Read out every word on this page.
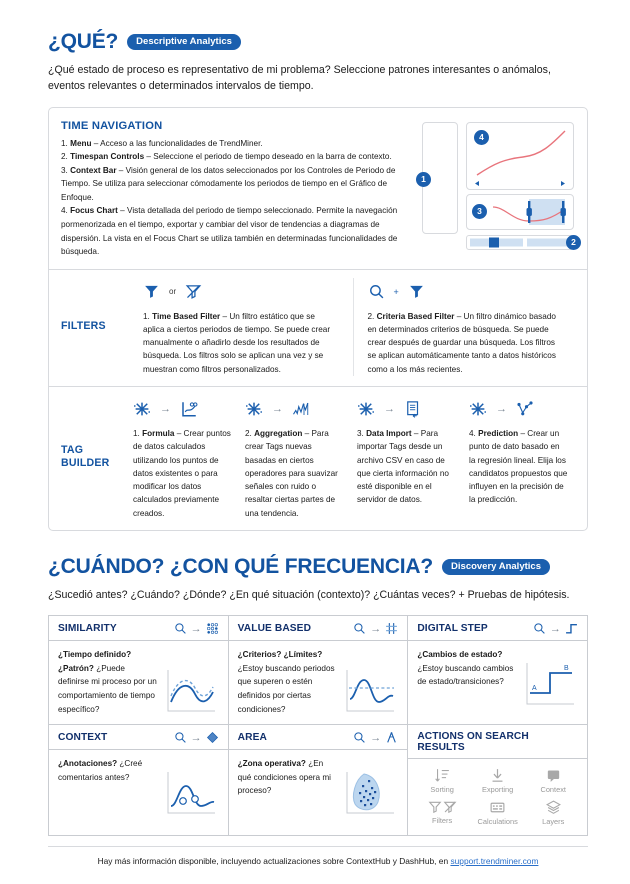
¿QUÉ?	Descriptive Analytics
¿Qué estado de proceso es representativo de mi problema? Seleccione patrones interesantes o anómalos, eventos relevantes o determinados intervalos de tiempo.
TIME NAVIGATION
1. Menu – Acceso a las funcionalidades de TrendMiner.
2. Timespan Controls – Seleccione el periodo de tiempo deseado en la barra de contexto.
3. Context Bar – Visión general de los datos seleccionados por los Controles de Periodo de Tiempo. Se utiliza para seleccionar cómodamente los periodos de tiempo en el Gráfico de Enfoque.
4. Focus Chart – Vista detallada del periodo de tiempo seleccionado. Permite la navegación pormenorizada en el tiempo, exportar y cambiar del visor de tendencias a diagramas de dispersión. La vista en el Focus Chart se utiliza también en determinadas funcionalidades de búsqueda.
1
4
3
2
FILTERS
or
1. Time Based Filter – Un filtro estático que se aplica a ciertos periodos de tiempo. Se puede crear manualmente o añadirlo desde los resultados de búsqueda. Los filtros solo se aplican una vez y se muestran como filtros personalizados.
+
2. Criteria Based Filter – Un filtro dinámico basado en determinados criterios de búsqueda. Se puede crear después de guardar una búsqueda. Los filtros se aplican automáticamente tanto a datos históricos como a los más recientes.
TAG
BUILDER
→
1. Formula – Crear puntos de datos calculados utilizando los puntos de datos existentes o para modificar los datos calculados previamente creados.
→
2. Aggregation – Para crear Tags nuevas basadas en ciertos operadores para suavizar señales con ruido o resaltar ciertas partes de una tendencia.
→
3. Data Import – Para importar Tags desde un archivo CSV en caso de que cierta información no esté disponible en el servidor de datos.
→
4. Prediction – Crear un punto de dato basado en la regresión lineal. Elija los candidatos propuestos que influyen en la precisión de la predicción.
¿CUÁNDO? ¿CON QUÉ FRECUENCIA?	Discovery Analytics
¿Sucedió antes? ¿Cuándo? ¿Dónde? ¿En qué situación (contexto)? ¿Cuántas veces? + Pruebas de hipótesis.
SIMILARITY	→
¿Tiempo definido? ¿Patrón? ¿Puede definirse mi proceso por un comportamiento de tiempo específico?
VALUE BASED	→
¿Criterios? ¿Límites? ¿Estoy buscando periodos que superen o estén definidos por ciertas condiciones?
DIGITAL STEP	→
¿Cambios de estado? ¿Estoy buscando cambios de estado/transiciones?
A
B
CONTEXT	→
¿Anotaciones? ¿Creé comentarios antes?
AREA	→
¿Zona operativa? ¿En qué condiciones opera mi proceso?
ACTIONS ON SEARCH RESULTS
Sorting	Exporting	Context
Filters	Calculations	Layers
Hay más información disponible, incluyendo actualizaciones sobre ContextHub y DashHub, en support.trendminer.com
